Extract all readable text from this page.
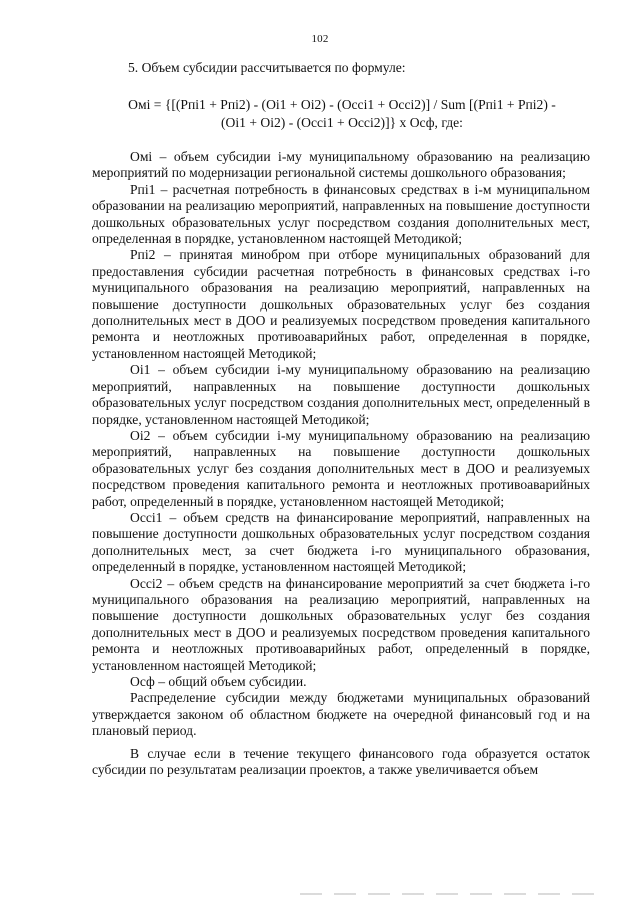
102
5. Объем субсидии рассчитывается по формуле:
Омi = {[(Pпi1 + Pпi2) - (Oi1 + Oi2) - (Occi1 + Occi2)] / Sum [(Pпi1 + Pпi2) -
(Oi1 + Oi2) - (Occi1 + Occi2)]} x Oсф, где:

Омi – объем субсидии i-му муниципальному образованию на реализацию мероприятий по модернизации региональной системы дошкольного образования;

Pпi1 – расчетная потребность в финансовых средствах в i-м муниципальном образовании на реализацию мероприятий, направленных на повышение доступности дошкольных образовательных услуг посредством создания дополнительных мест, определенная в порядке, установленном настоящей Методикой;

Pпi2 – принятая минобром при отборе муниципальных образований для предоставления субсидии расчетная потребность в финансовых средствах i-го муниципального образования на реализацию мероприятий, направленных на повышение доступности дошкольных образовательных услуг без создания дополнительных мест в ДОО и реализуемых посредством проведения капитального ремонта и неотложных противоаварийных работ, определенная в порядке, установленном настоящей Методикой;

Oi1 – объем субсидии i-му муниципальному образованию на реализацию мероприятий, направленных на повышение доступности дошкольных образовательных услуг посредством создания дополнительных мест, определенный в порядке, установленном настоящей Методикой;

Oi2 – объем субсидии i-му муниципальному образованию на реализацию мероприятий, направленных на повышение доступности дошкольных образовательных услуг без создания дополнительных мест в ДОО и реализуемых посредством проведения капитального ремонта и неотложных противоаварийных работ, определенный в порядке, установленном настоящей Методикой;

Occi1 – объем средств на финансирование мероприятий, направленных на повышение доступности дошкольных образовательных услуг посредством создания дополнительных мест, за счет бюджета i-го муниципального образования, определенный в порядке, установленном настоящей Методикой;

Occi2 – объем средств на финансирование мероприятий за счет бюджета i-го муниципального образования на реализацию мероприятий, направленных на повышение доступности дошкольных образовательных услуг без создания дополнительных мест в ДОО и реализуемых посредством проведения капитального ремонта и неотложных противоаварийных работ, определенный в порядке, установленном настоящей Методикой;

Oсф – общий объем субсидии.

Распределение субсидии между бюджетами муниципальных образований утверждается законом об областном бюджете на очередной финансовый год и на плановый период.

В случае если в течение текущего финансового года образуется остаток субсидии по результатам реализации проектов, а также увеличивается объем
